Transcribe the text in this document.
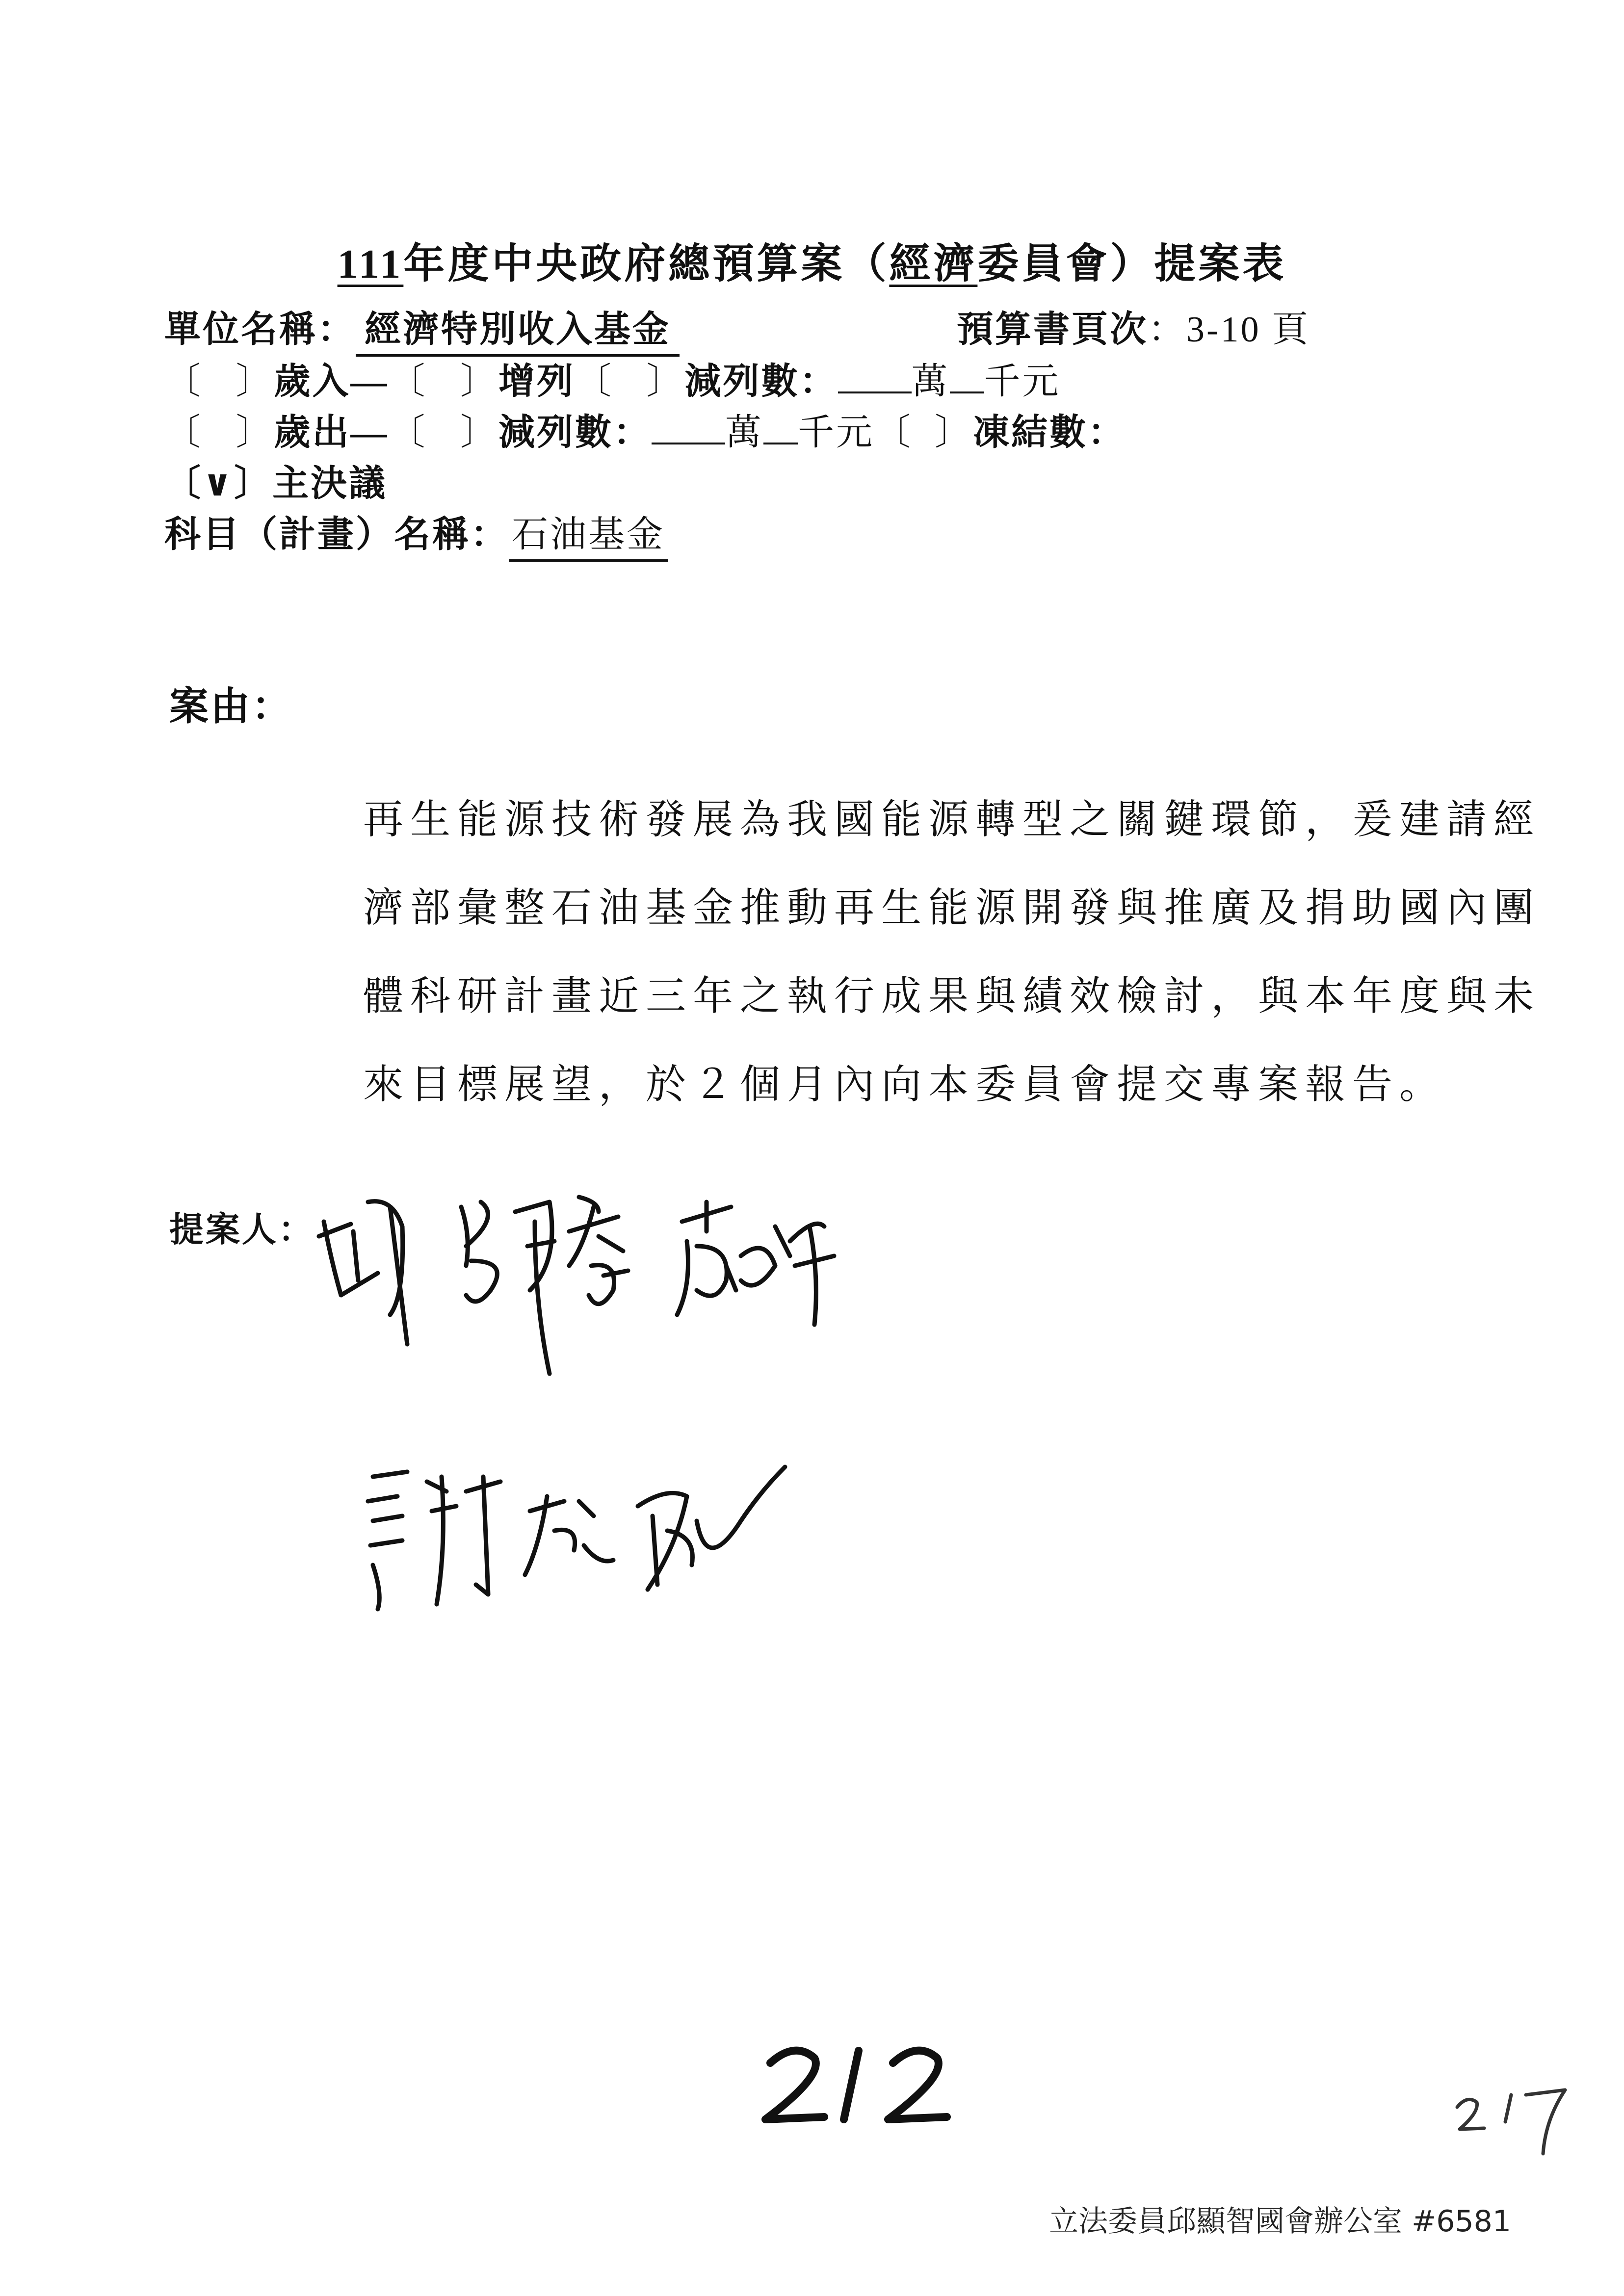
111年度中央政府總預算案（經濟委員會）提案表
單位名稱： 經濟特別收入基金	預算書頁次：3-10 頁
〔 〕歲入—〔 〕增列〔 〕減列數： 萬 千元
〔 〕歲出—〔 〕減列數： 萬 千元〔 〕凍結數：
〔∨〕主決議
科目（計畫）名稱：石油基金
案由：
再生能源技術發展為我國能源轉型之關鍵環節，爰建請經
濟部彙整石油基金推動再生能源開發與推廣及捐助國內團
體科研計畫近三年之執行成果與績效檢討，與本年度與未
來目標展望，於２個月內向本委員會提交專案報告。
提案人：
立法委員邱顯智國會辦公室 #6581
